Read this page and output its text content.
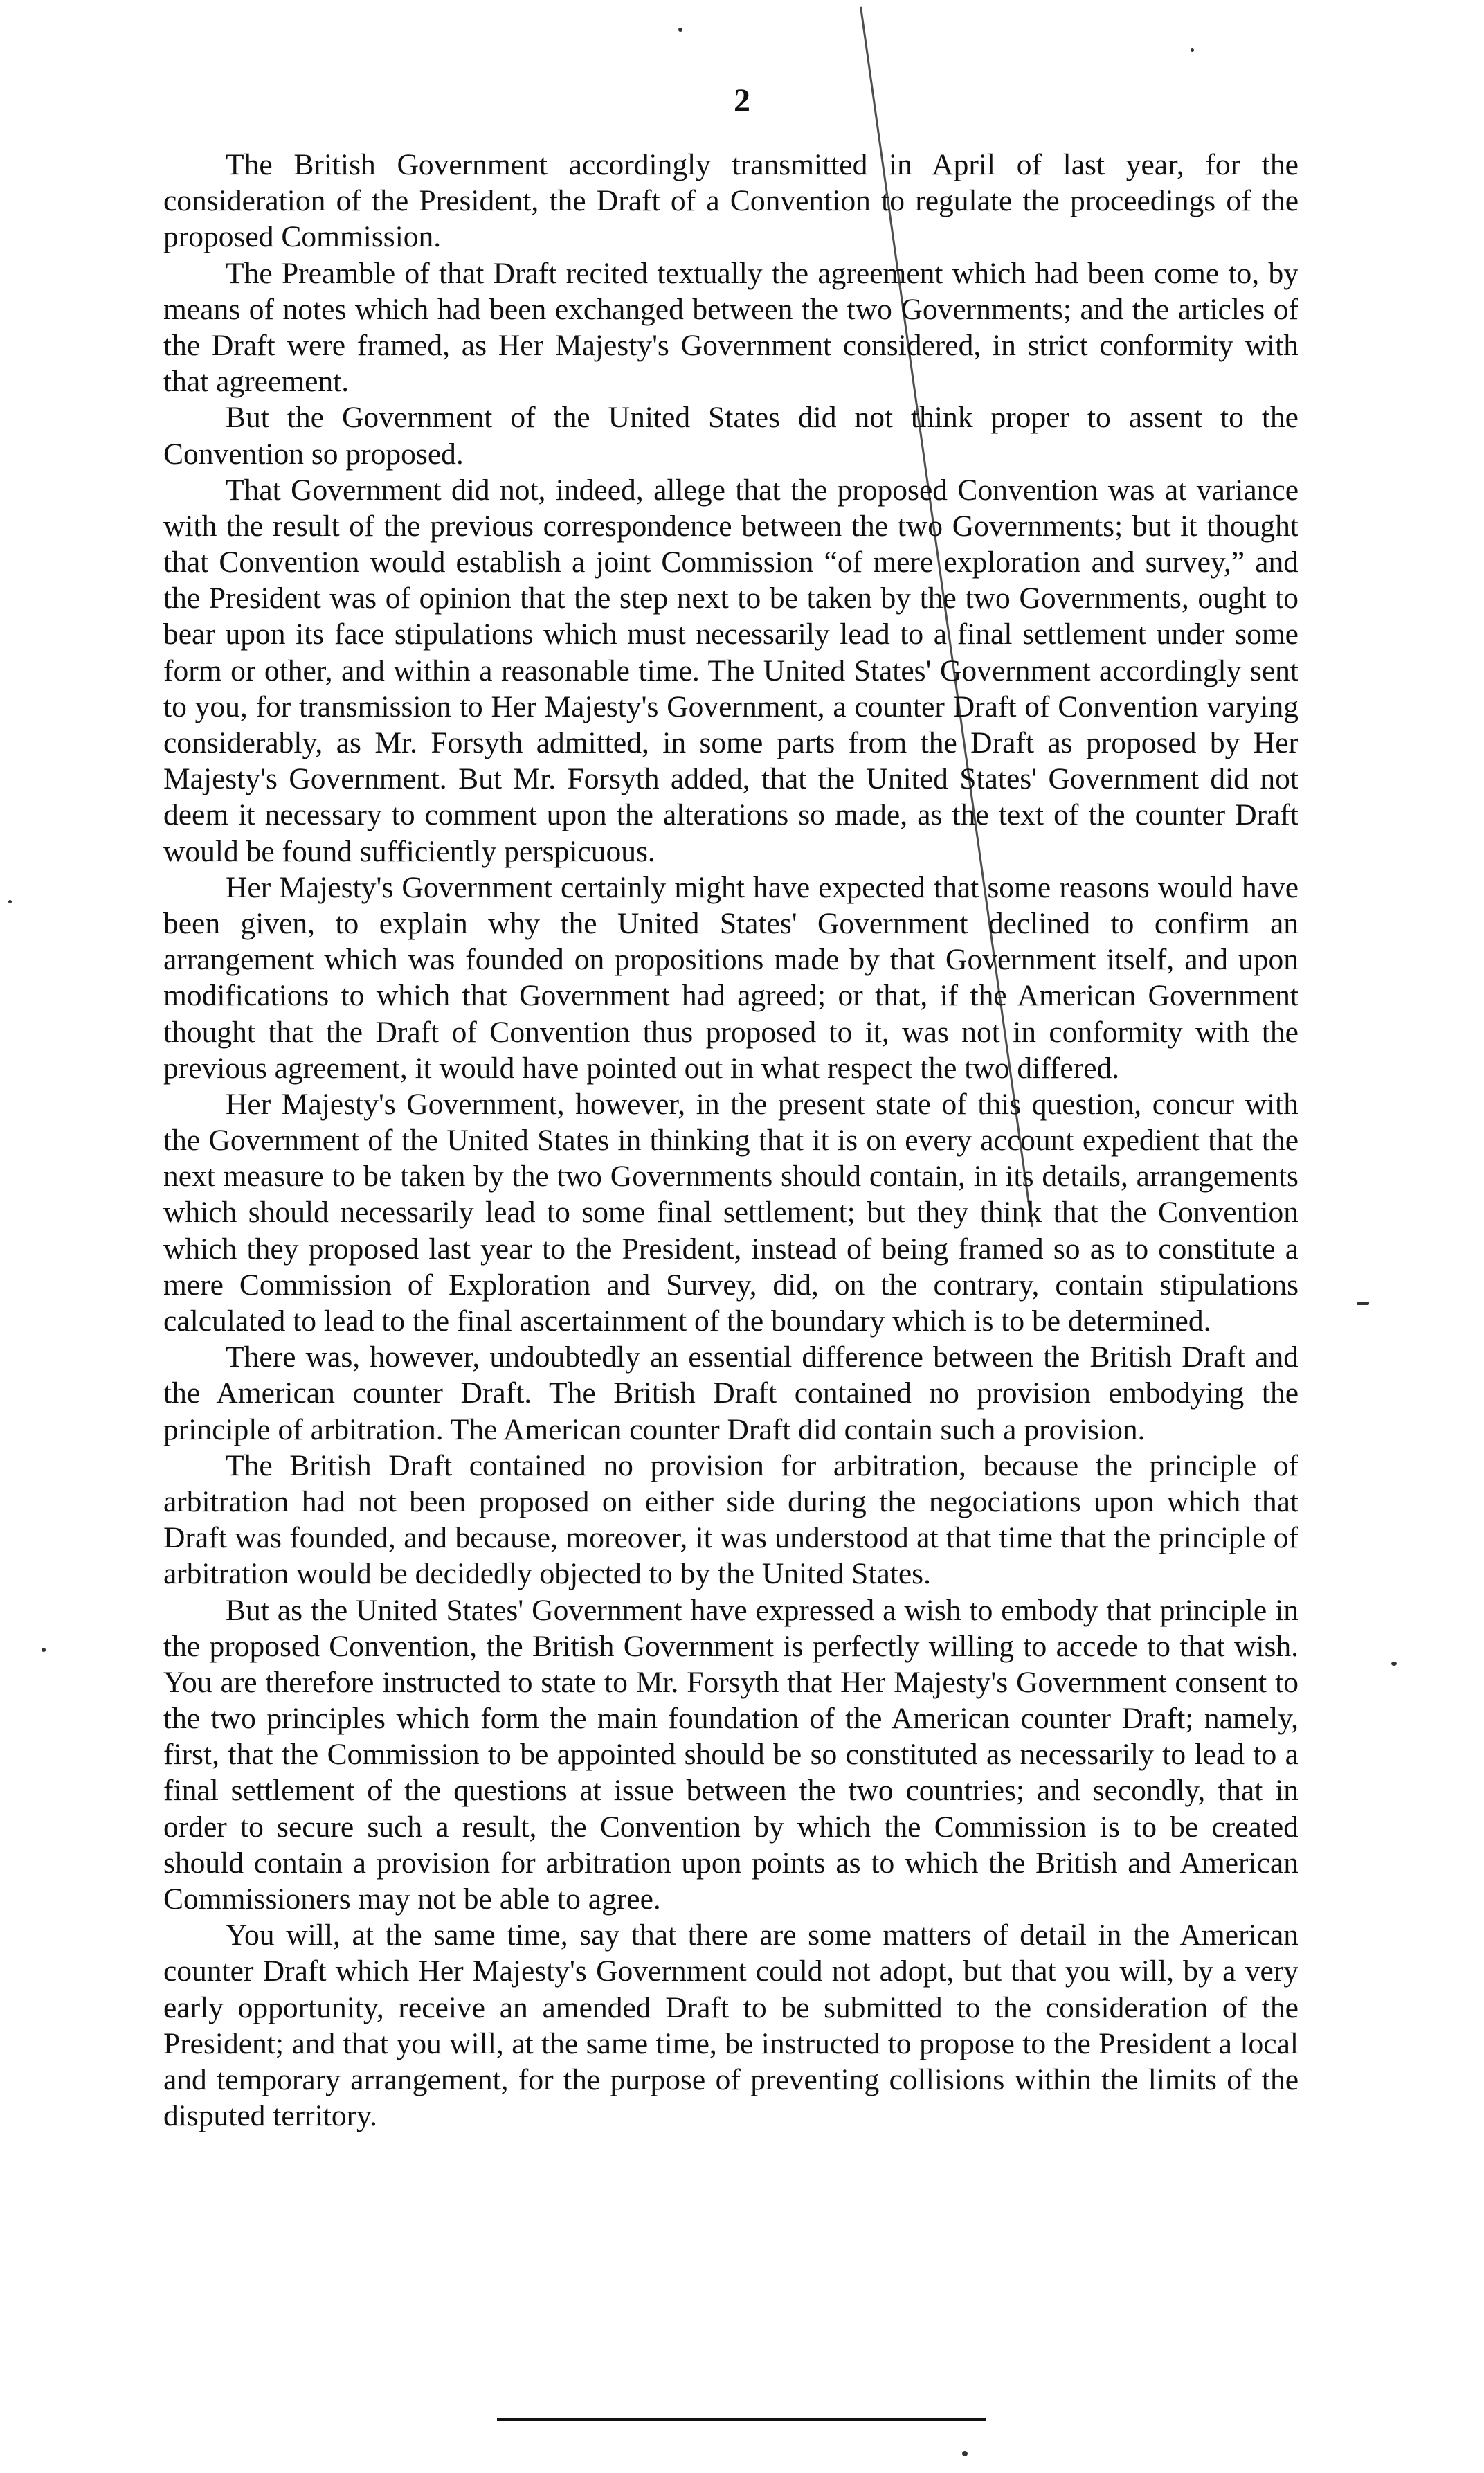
2

The British Government accordingly transmitted in April of last year, for the consideration of the President, the Draft of a Convention to regulate the proceedings of the proposed Commission.

The Preamble of that Draft recited textually the agreement which had been come to, by means of notes which had been exchanged between the two Governments; and the articles of the Draft were framed, as Her Majesty's Government considered, in strict conformity with that agreement.

But the Government of the United States did not think proper to assent to the Convention so proposed.

That Government did not, indeed, allege that the proposed Convention was at variance with the result of the previous correspondence between the two Governments; but it thought that Convention would establish a joint Commission “of mere exploration and survey,” and the President was of opinion that the step next to be taken by the two Governments, ought to bear upon its face stipulations which must necessarily lead to a final settlement under some form or other, and within a reasonable time. The United States' Government accordingly sent to you, for transmission to Her Majesty's Government, a counter Draft of Convention varying considerably, as Mr. Forsyth admitted, in some parts from the Draft as proposed by Her Majesty's Government. But Mr. Forsyth added, that the United States' Government did not deem it necessary to comment upon the alterations so made, as the text of the counter Draft would be found sufficiently perspicuous.

Her Majesty's Government certainly might have expected that some reasons would have been given, to explain why the United States' Government declined to confirm an arrangement which was founded on propositions made by that Government itself, and upon modifications to which that Government had agreed; or that, if the American Government thought that the Draft of Convention thus proposed to it, was not in conformity with the previous agreement, it would have pointed out in what respect the two differed.

Her Majesty's Government, however, in the present state of this question, concur with the Government of the United States in thinking that it is on every account expedient that the next measure to be taken by the two Governments should contain, in its details, arrangements which should necessarily lead to some final settlement; but they think that the Convention which they proposed last year to the President, instead of being framed so as to constitute a mere Commission of Exploration and Survey, did, on the contrary, contain stipulations calculated to lead to the final ascertainment of the boundary which is to be determined.

There was, however, undoubtedly an essential difference between the British Draft and the American counter Draft. The British Draft contained no provision embodying the principle of arbitration. The American counter Draft did contain such a provision.

The British Draft contained no provision for arbitration, because the principle of arbitration had not been proposed on either side during the negociations upon which that Draft was founded, and because, moreover, it was understood at that time that the principle of arbitration would be decidedly objected to by the United States.

But as the United States' Government have expressed a wish to embody that principle in the proposed Convention, the British Government is perfectly willing to accede to that wish. You are therefore instructed to state to Mr. Forsyth that Her Majesty's Government consent to the two principles which form the main foundation of the American counter Draft; namely, first, that the Commission to be appointed should be so constituted as necessarily to lead to a final settlement of the questions at issue between the two countries; and secondly, that in order to secure such a result, the Convention by which the Commission is to be created should contain a provision for arbitration upon points as to which the British and American Commissioners may not be able to agree.

You will, at the same time, say that there are some matters of detail in the American counter Draft which Her Majesty's Government could not adopt, but that you will, by a very early opportunity, receive an amended Draft to be submitted to the consideration of the President; and that you will, at the same time, be instructed to propose to the President a local and temporary arrangement, for the purpose of preventing collisions within the limits of the disputed territory.
